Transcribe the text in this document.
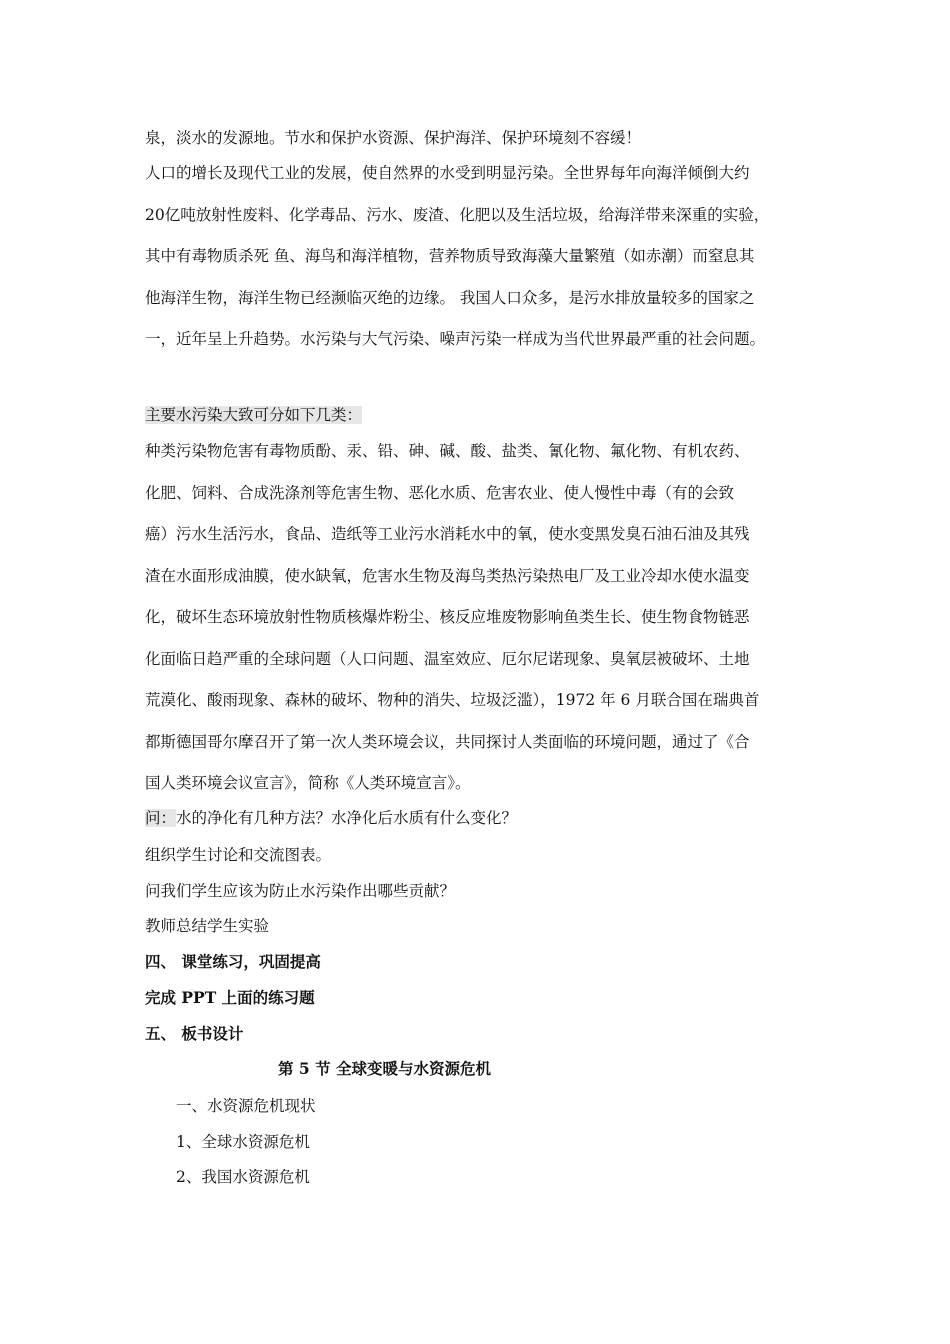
泉，淡水的发源地。节水和保护水资源、保护海洋、保护环境刻不容缓！
人口的增长及现代工业的发展，使自然界的水受到明显污染。全世界每年向海洋倾倒大约
20亿吨放射性废料、化学毒品、污水、废渣、化肥以及生活垃圾，给海洋带来深重的实验，
其中有毒物质杀死 鱼、海鸟和海洋植物，营养物质导致海藻大量繁殖（如赤潮）而窒息其
他海洋生物，海洋生物已经濒临灭绝的边缘。 我国人口众多，是污水排放量较多的国家之
一，近年呈上升趋势。水污染与大气污染、噪声污染一样成为当代世界最严重的社会问题。
主要水污染大致可分如下几类：
种类污染物危害有毒物质酚、汞、铅、砷、碱、酸、盐类、氰化物、氟化物、有机农药、
化肥、饲料、合成洗涤剂等危害生物、恶化水质、危害农业、使人慢性中毒（有的会致
癌）污水生活污水，食品、造纸等工业污水消耗水中的氧，使水变黑发臭石油石油及其残
渣在水面形成油膜，使水缺氧，危害水生物及海鸟类热污染热电厂及工业冷却水使水温变
化，破坏生态环境放射性物质核爆炸粉尘、核反应堆废物影响鱼类生长、使生物食物链恶
化面临日趋严重的全球问题（人口问题、温室效应、厄尔尼诺现象、臭氧层被破坏、土地
荒漠化、酸雨现象、森林的破坏、物种的消失、垃圾泛滥），1972 年 6 月联合国在瑞典首
都斯德国哥尔摩召开了第一次人类环境会议，共同探讨人类面临的环境问题，通过了《合
国人类环境会议宣言》，简称《人类环境宣言》。
问：水的净化有几种方法？水净化后水质有什么变化？
组织学生讨论和交流图表。
问我们学生应该为防止水污染作出哪些贡献？
教师总结学生实验
四、 课堂练习，巩固提高
完成 PPT 上面的练习题
五、 板书设计
第 5 节 全球变暖与水资源危机
一、水资源危机现状
1、全球水资源危机
2、我国水资源危机
